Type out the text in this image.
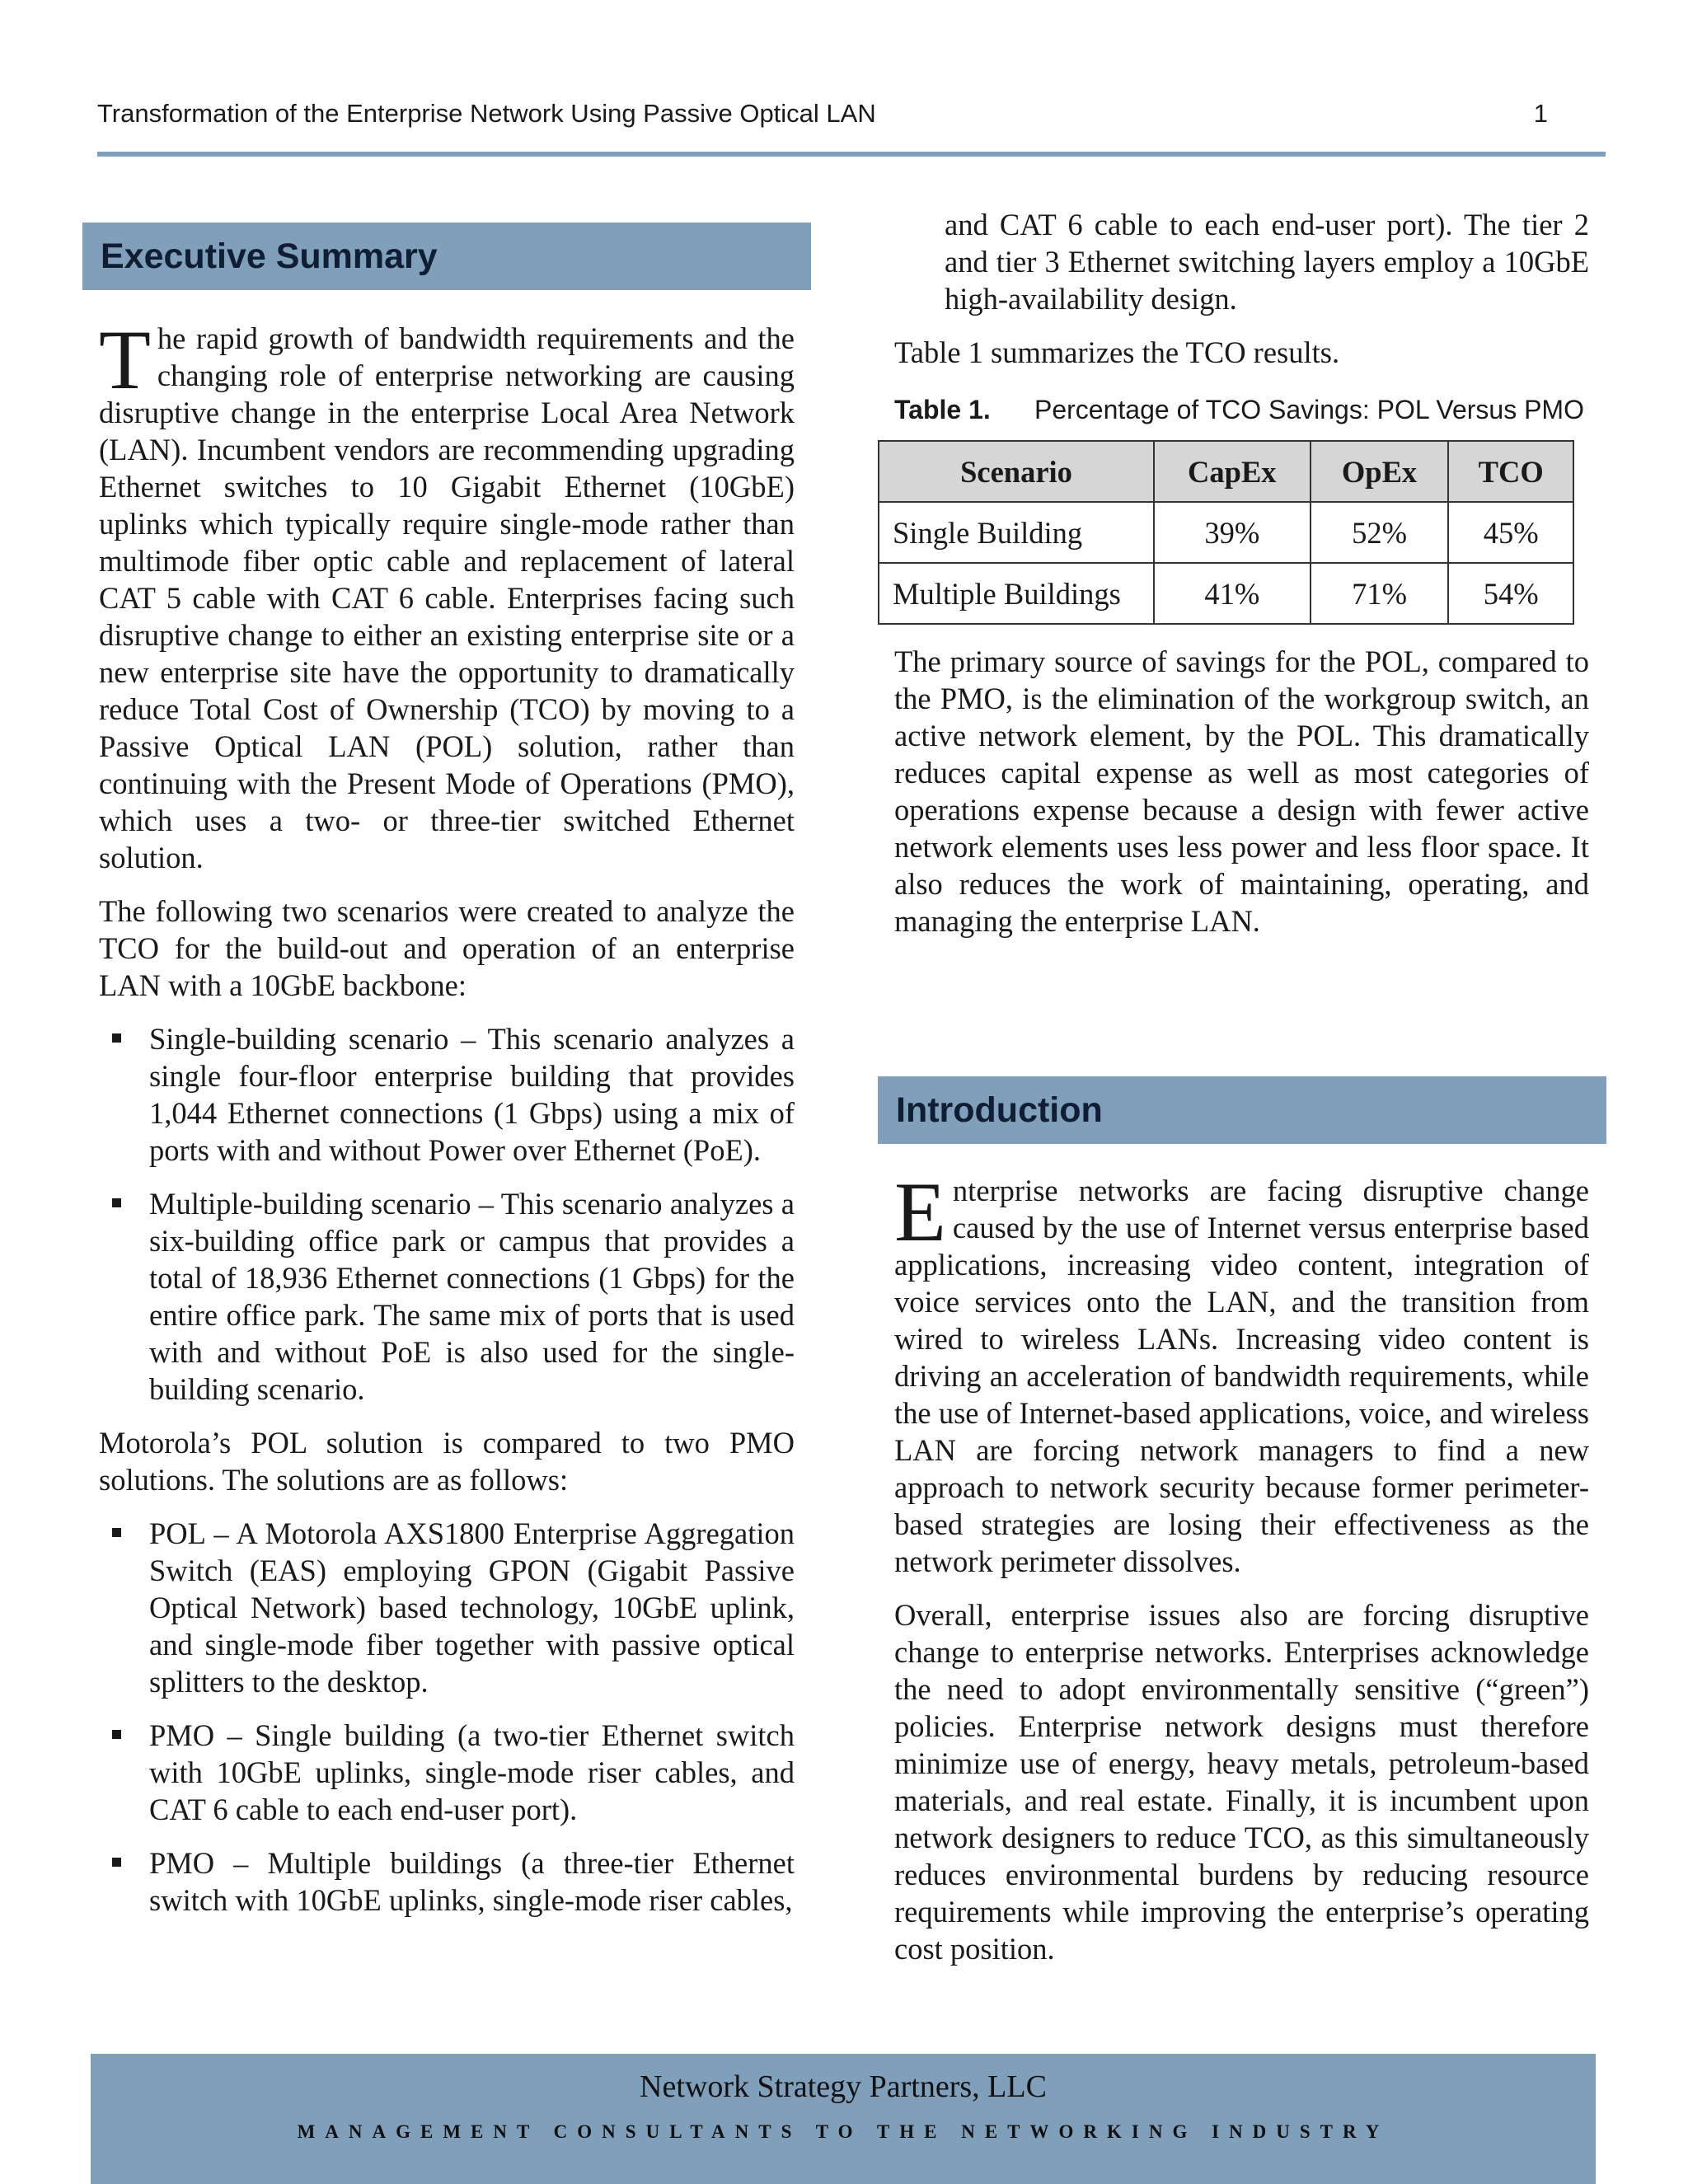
Transformation of the Enterprise Network Using Passive Optical LAN	1
Executive Summary

T he rapid growth of bandwidth requirements and the changing role of enterprise networking are causing disruptive change in the enterprise Local Area Network (LAN). Incumbent vendors are recommending upgrading Ethernet switches to 10 Gigabit Ethernet (10GbE) uplinks which typically require single-mode rather than multimode fiber optic cable and replacement of lateral CAT 5 cable with CAT 6 cable. Enterprises facing such disruptive change to either an existing enterprise site or a new enterprise site have the opportunity to dramatically reduce Total Cost of Ownership (TCO) by moving to a Passive Optical LAN (POL) solution, rather than continuing with the Present Mode of Operations (PMO), which uses a two- or three-tier switched Ethernet solution.

The following two scenarios were created to analyze the TCO for the build-out and operation of an enterprise LAN with a 10GbE backbone:

Single-building scenario – This scenario analyzes a single four-floor enterprise building that provides 1,044 Ethernet connections (1 Gbps) using a mix of ports with and without Power over Ethernet (PoE).
Multiple-building scenario – This scenario analyzes a six-building office park or campus that provides a total of 18,936 Ethernet connections (1 Gbps) for the entire office park. The same mix of ports that is used with and without PoE is also used for the single-building scenario.

Motorola’s POL solution is compared to two PMO solutions. The solutions are as follows:

POL – A Motorola AXS1800 Enterprise Aggregation Switch (EAS) employing GPON (Gigabit Passive Optical Network) based technology, 10GbE uplink, and single-mode fiber together with passive optical splitters to the desktop.
PMO – Single building (a two-tier Ethernet switch with 10GbE uplinks, single-mode riser cables, and CAT 6 cable to each end-user port).
PMO – Multiple buildings (a three-tier Ethernet switch with 10GbE uplinks, single-mode riser cables,
and CAT 6 cable to each end-user port). The tier 2 and tier 3 Ethernet switching layers employ a 10GbE high-availability design.

Table 1 summarizes the TCO results.

Table 1.	Percentage of TCO Savings: POL Versus PMO
Scenario	CapEx	OpEx	TCO
Single Building	39%	52%	45%
Multiple Buildings	41%	71%	54%

The primary source of savings for the POL, compared to the PMO, is the elimination of the workgroup switch, an active network element, by the POL. This dramatically reduces capital expense as well as most categories of operations expense because a design with fewer active network elements uses less power and less floor space. It also reduces the work of maintaining, operating, and managing the enterprise LAN.

Introduction

E nterprise networks are facing disruptive change caused by the use of Internet versus enterprise based applications, increasing video content, integration of voice services onto the LAN, and the transition from wired to wireless LANs. Increasing video content is driving an acceleration of bandwidth requirements, while the use of Internet-based applications, voice, and wireless LAN are forcing network managers to find a new approach to network security because former perimeter-based strategies are losing their effectiveness as the network perimeter dissolves.

Overall, enterprise issues also are forcing disruptive change to enterprise networks. Enterprises acknowledge the need to adopt environmentally sensitive (“green”) policies. Enterprise network designs must therefore minimize use of energy, heavy metals, petroleum-based materials, and real estate. Finally, it is incumbent upon network designers to reduce TCO, as this simultaneously reduces environmental burdens by reducing resource requirements while improving the enterprise’s operating cost position.

Network Strategy Partners, LLC
MANAGEMENT CONSULTANTS TO THE NETWORKING INDUSTRY
